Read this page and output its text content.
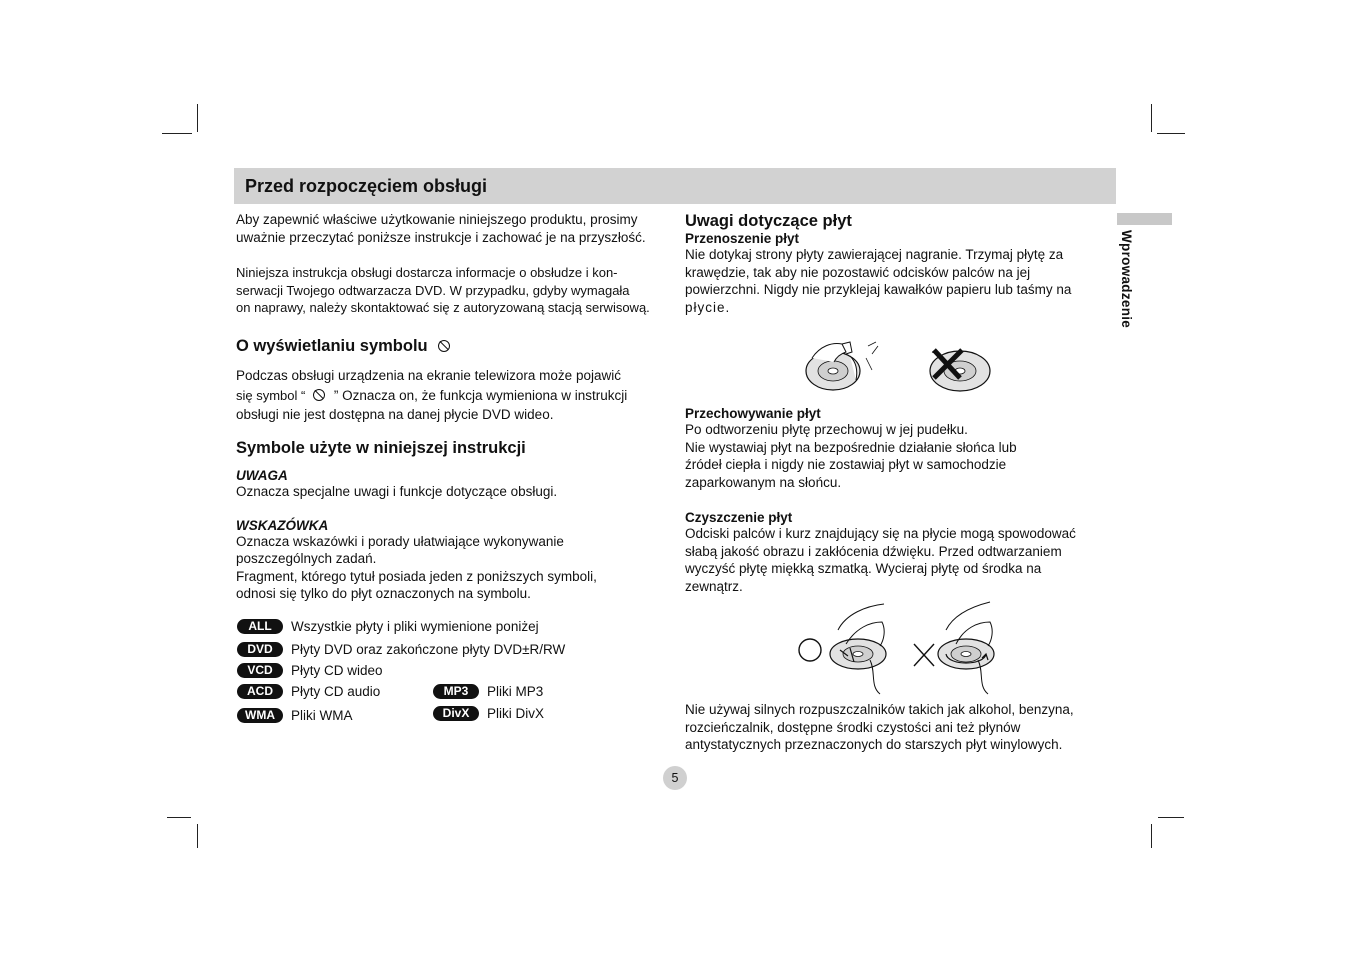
Przed rozpoczęciem obsługi
Wprowadzenie

Aby zapewnić właściwe użytkowanie niniejszego produktu, prosimy

uważnie przeczytać poniższe instrukcje i zachować je na przyszłość.

Niniejsza instrukcja obsługi dostarcza informacje o obsłudze i kon-

serwacji Twojego odtwarzacza DVD. W przypadku, gdyby wymagała

on naprawy, należy skontaktować się z autoryzowaną stacją serwisową.

O wyświetlaniu symbolu

Podczas obsługi urządzenia na ekranie telewizora może pojawić

się symbol “ ” Oznacza on, że funkcja wymieniona w instrukcji

obsługi nie jest dostępna na danej płycie DVD wideo.

Symbole użyte w niniejszej instrukcji

UWAGA

Oznacza specjalne uwagi i funkcje dotyczące obsługi.

WSKAZÓWKA

Oznacza wskazówki i porady ułatwiające wykonywanie

poszczególnych zadań.

Fragment, którego tytuł posiada jeden z poniższych symboli,

odnosi się tylko do płyt oznaczonych na symbolu.

ALL	Wszystkie płyty i pliki wymienione poniżej
DVD	Płyty DVD oraz zakończone płyty DVD±R/RW
VCD	Płyty CD wideo
ACD	Płyty CD audio
WMA	Pliki WMA
MP3	Pliki MP3
DivX	Pliki DivX

Uwagi dotyczące płyt

Przenoszenie płyt

Nie dotykaj strony płyty zawierającej nagranie. Trzymaj płytę za

krawędzie, tak aby nie pozostawić odcisków palców na jej

powierzchni. Nigdy nie przyklejaj kawałków papieru lub taśmy na

płycie.

Przechowywanie płyt

Po odtworzeniu płytę przechowuj w jej pudełku.

Nie wystawiaj płyt na bezpośrednie działanie słońca lub

źródeł ciepła i nigdy nie zostawiaj płyt w samochodzie

zaparkowanym na słońcu.

Czyszczenie płyt

Odciski palców i kurz znajdujący się na płycie mogą spowodować

słabą jakość obrazu i zakłócenia dźwięku. Przed odtwarzaniem

wyczyść płytę miękką szmatką. Wycieraj płytę od środka na

zewnątrz.

Nie używaj silnych rozpuszczalników takich jak alkohol, benzyna,

rozcieńczalnik, dostępne środki czystości ani też płynów

antystatycznych przeznaczonych do starszych płyt winylowych.

5
